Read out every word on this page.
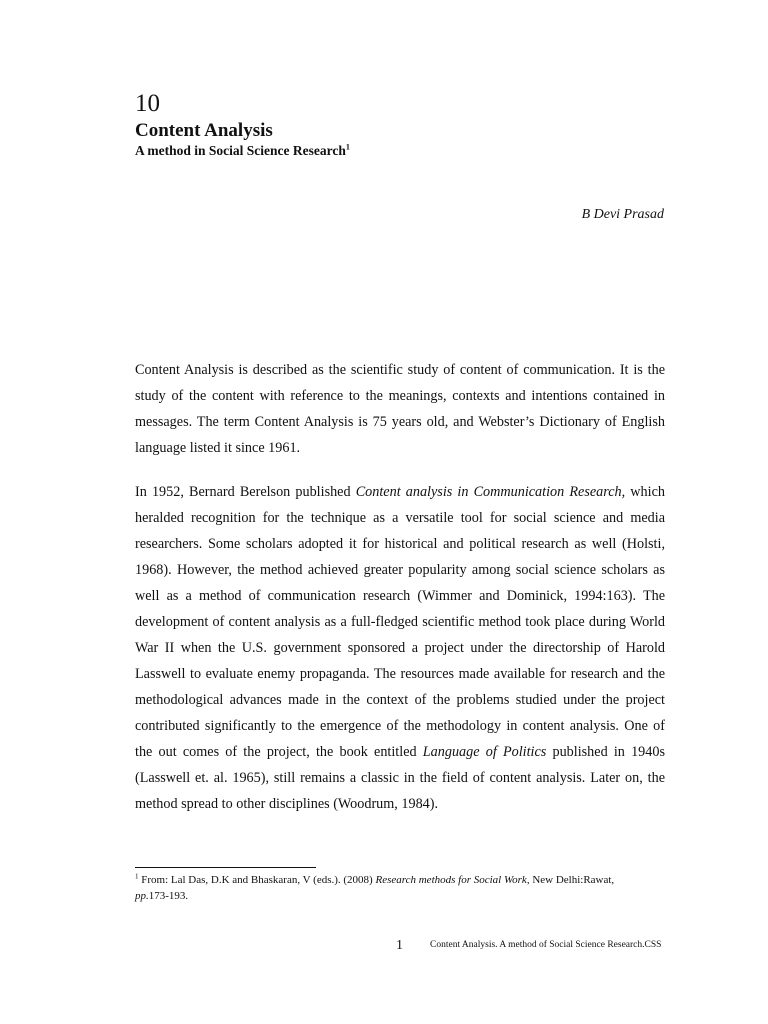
10
Content Analysis
A method in Social Science Research$^1$
B Devi Prasad

Content Analysis is described as the scientific study of content of communication. It is the study of the content with reference to the meanings, contexts and intentions contained in messages. The term Content Analysis is 75 years old, and Webster’s Dictionary of English language listed it since 1961.

In 1952, Bernard Berelson published Content analysis in Communication Research, which heralded recognition for the technique as a versatile tool for social science and media researchers. Some scholars adopted it for historical and political research as well (Holsti, 1968). However, the method achieved greater popularity among social science scholars as well as a method of communication research (Wimmer and Dominick, 1994:163). The development of content analysis as a full-fledged scientific method took place during World War II when the U.S. government sponsored a project under the directorship of Harold Lasswell to evaluate enemy propaganda. The resources made available for research and the methodological advances made in the context of the problems studied under the project contributed significantly to the emergence of the methodology in content analysis. One of the out comes of the project, the book entitled Language of Politics published in 1940s (Lasswell et. al. 1965), still remains a classic in the field of content analysis. Later on, the method spread to other disciplines (Woodrum, 1984).

$^1$ From: Lal Das, D.K and Bhaskaran, V (eds.). (2008) Research methods for Social Work, New Delhi:Rawat, pp.173-193.
1	Content Analysis. A method of Social Science Research.CSS
